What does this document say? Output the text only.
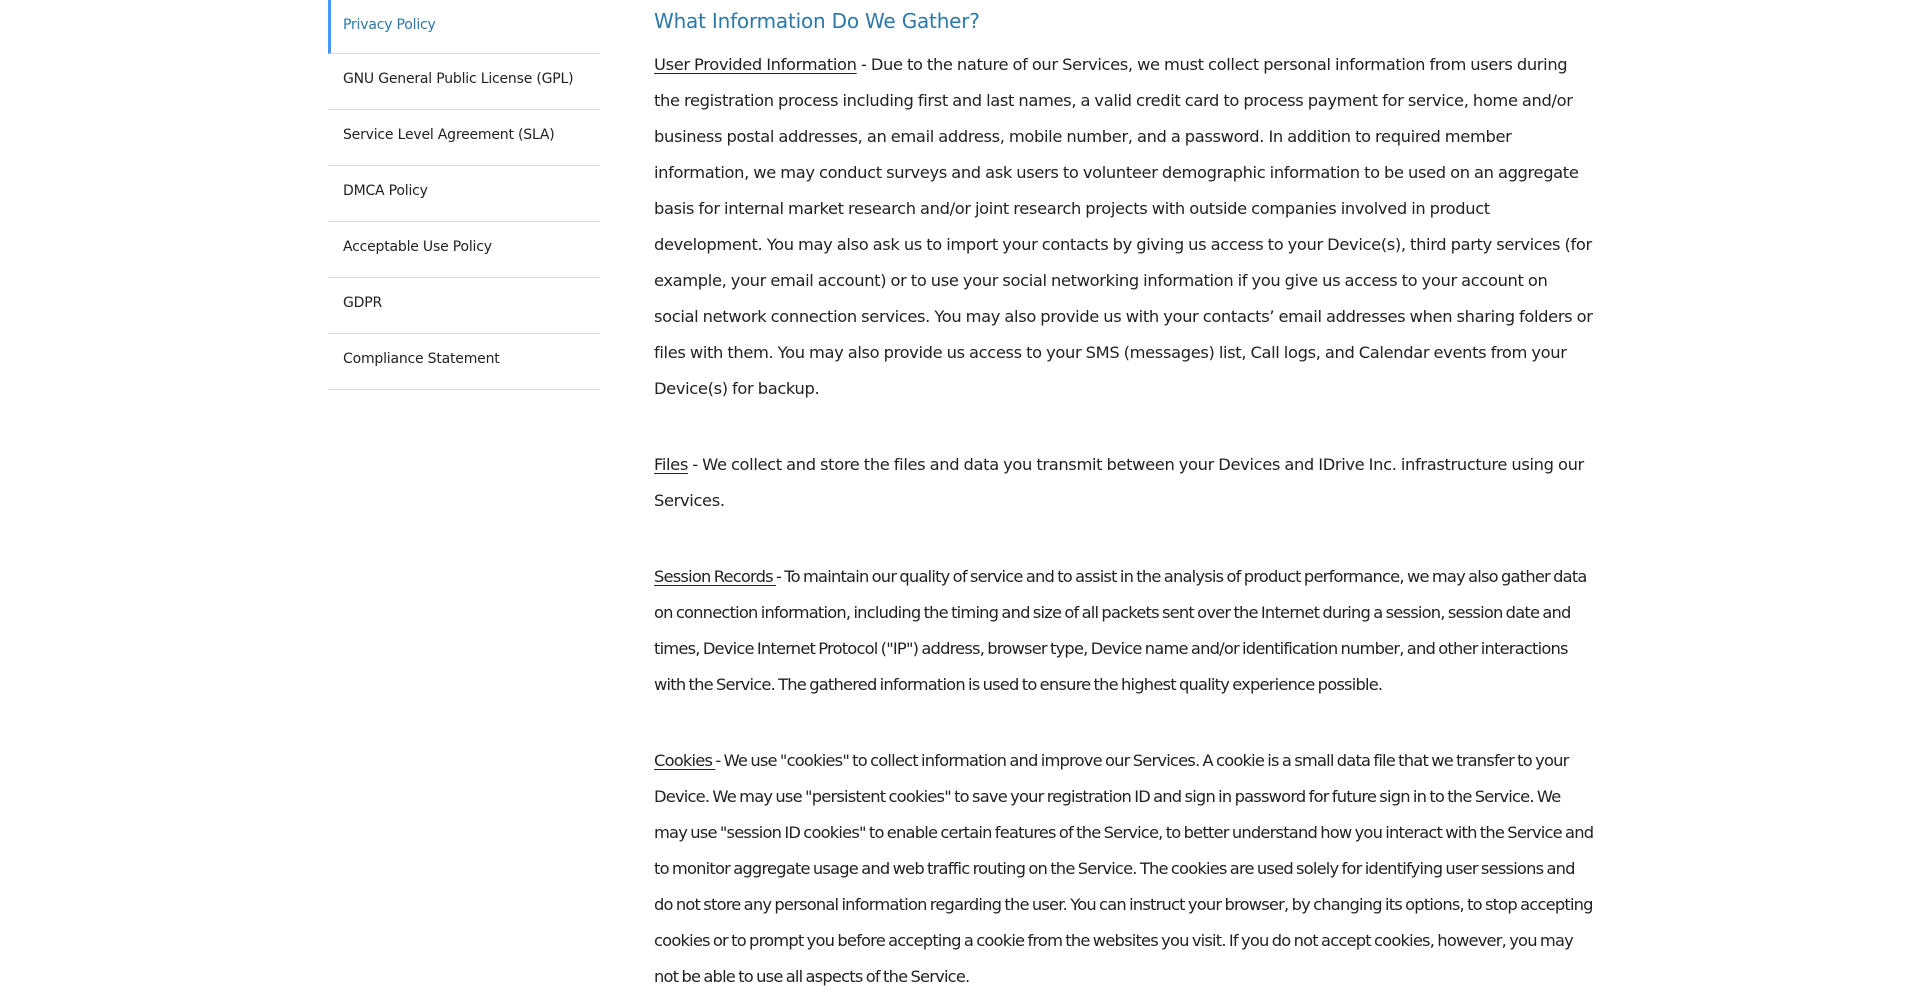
Privacy Policy
GNU General Public License (GPL)
Service Level Agreement (SLA)
DMCA Policy
Acceptable Use Policy
GDPR
Compliance Statement
What Information Do We Gather?

User Provided Information - Due to the nature of our Services, we must collect personal information from users during the registration process including first and last names, a valid credit card to process payment for service, home and/or business postal addresses, an email address, mobile number, and a password. In addition to required member information, we may conduct surveys and ask users to volunteer demographic information to be used on an aggregate basis for internal market research and/or joint research projects with outside companies involved in product development. You may also ask us to import your contacts by giving us access to your Device(s), third party services (for example, your email account) or to use your social networking information if you give us access to your account on social network connection services. You may also provide us with your contacts’ email addresses when sharing folders or files with them. You may also provide us access to your SMS (messages) list, Call logs, and Calendar events from your Device(s) for backup.

Files - We collect and store the files and data you transmit between your Devices and IDrive Inc. infrastructure using our Services.

Session Records - To maintain our quality of service and to assist in the analysis of product performance, we may also gather data on connection information, including the timing and size of all packets sent over the Internet during a session, session date and times, Device Internet Protocol ("IP") address, browser type, Device name and/or identification number, and other interactions with the Service. The gathered information is used to ensure the highest quality experience possible.

Cookies - We use "cookies" to collect information and improve our Services. A cookie is a small data file that we transfer to your Device. We may use "persistent cookies" to save your registration ID and sign in password for future sign in to the Service. We may use "session ID cookies" to enable certain features of the Service, to better understand how you interact with the Service and to monitor aggregate usage and web traffic routing on the Service. The cookies are used solely for identifying user sessions and do not store any personal information regarding the user. You can instruct your browser, by changing its options, to stop accepting cookies or to prompt you before accepting a cookie from the websites you visit. If you do not accept cookies, however, you may not be able to use all aspects of the Service.
